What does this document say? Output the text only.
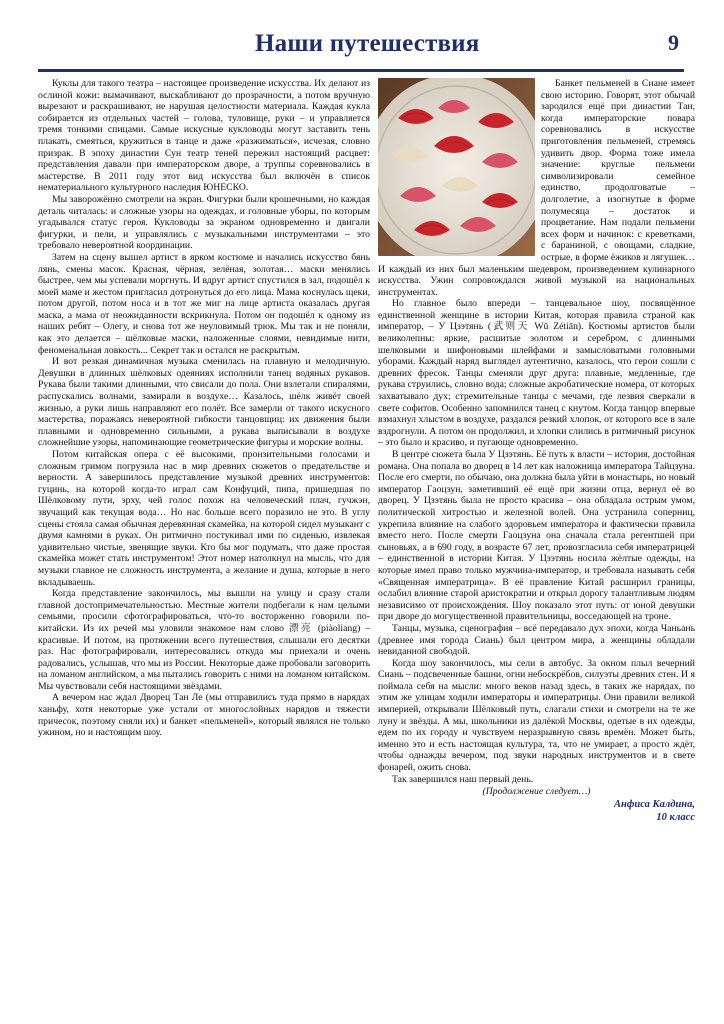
Наши путешествия	9

Куклы для такого театра – настоящее произведение искусства. Их делают из ослиной кожи: вымачивают, выскабливают до прозрачности, а потом вручную вырезают и раскрашивают, не нарушая целостности материала. Каждая кукла собирается из отдельных частей – голова, туловище, руки – и управляется тремя тонкими спицами. Самые искусные кукловоды могут заставить тень плакать, смеяться, кружиться в танце и даже «разжиматься», исчезая, словно призрак. В эпоху династии Сун театр теней пережил настоящий расцвет: представления давали при императорском дворе, а труппы соревновались в мастерстве. В 2011 году этот вид искусства был включён в список нематериального культурного наследия ЮНЕСКО.

Мы заворожённо смотрели на экран. Фигурки были крошечными, но каждая деталь читалась: и сложные узоры на одеждах, и головные уборы, по которым угадывался статус героя. Кукловоды за экраном одновременно и двигали фигурки, и пели, и управлялись с музыкальными инструментами – это требовало невероятной координации.

Затем на сцену вышел артист в ярком костюме и начались искусство бянь лянь, смены масок. Красная, чёрная, зелёная, золотая… маски менялись быстрее, чем мы успевали моргнуть. И вдруг артист спустился в зал, подошёл к моей маме и жестом пригласил дотронуться до его лица. Мама коснулась щеки, потом другой, потом носа и в тот же миг на лице артиста оказалась другая маска, а мама от неожиданности вскрикнула. Потом он подошёл к одному из наших ребят – Олегу, и снова тот же неуловимый трюк. Мы так и не поняли, как это делается – шёлковые маски, наложенные слоями, невидимые нити, феноменальная ловкость... Секрет так и остался не раскрытым.

И вот резкая динамичная музыка сменилась на плавную и мелодичную. Девушки в длинных шёлковых одеяниях исполнили танец водяных рукавов. Рукава были такими длинными, что свисали до пола. Они взлетали спиралями, распускались волнами, замирали в воздухе… Казалось, шёлк живёт своей жизнью, а руки лишь направляют его полёт. Все замерли от такого искусного мастерства, поражаясь невероятной гибкости танцовщиц: их движения были плавными и одновременно сильными, а рукава выписывали в воздухе сложнейшие узоры, напоминающие геометрические фигуры и морские волны.

Потом китайская опера с её высокими, пронзительными голосами и сложным гримом погрузила нас в мир древних сюжетов о предательстве и верности. А завершилось представление музыкой древних инструментов: гуцинь, на которой когда-то играл сам Конфуций, пипа, пришедшая по Шёлковому пути, эрху, чей голос похож на человеческий плач, гучжэн, звучащий как текущая вода… Но нас больше всего поразило не это. В углу сцены стояла самая обычная деревянная скамейка, на которой сидел музыкант с двумя камнями в руках. Он ритмично постукивал ими по сиденью, извлекая удивительно чистые, звенящие звуки. Кто бы мог подумать, что даже простая скамейка может стать инструментом! Этот номер натолкнул на мысль, что для музыки главное не сложность инструмента, а желание и душа, которые в него вкладываешь.

Когда представление закончилось, мы вышли на улицу и сразу стали главной достопримечательностью. Местные жители подбегали к нам целыми семьями, просили сфотографироваться, что-то восторженно говорили по-китайски. Из их речей мы уловили знакомое нам слово 漂亮 (piàoliang) – красивые. И потом, на протяжении всего путешествия, слышали его десятки раз. Нас фотографировали, интересовались откуда мы приехали и очень радовались, услышав, что мы из России. Некоторые даже пробовали заговорить на ломаном английском, а мы пытались говорить с ними на ломаном китайском. Мы чувствовали себя настоящими звёздами.

А вечером нас ждал Дворец Тан Ле (мы отправились туда прямо в нарядах ханьфу, хотя некоторые уже устали от многослойных нарядов и тяжести причесок, поэтому сняли их) и банкет «пельменей», который являлся не только ужином, но и настоящим шоу.

Банкет пельменей в Сиане имеет свою историю. Говорят, этот обычай зародился ещё при династии Тан, когда императорские повара соревновались в искусстве приготовления пельменей, стремясь удивить двор. Форма тоже имела значение: круглые пельмени символизировали семейное единство, продолговатые – долголетие, а изогнутые в форме полумесяца – достаток и процветание. Нам подали пельмени всех форм и начинок: с креветками, с бараниной, с овощами, сладкие, острые, в форме ёжиков и лягушек… И каждый из них был маленьким шедевром, произведением кулинарного искусства. Ужин сопровождался живой музыкой на национальных инструментах.

Но главное было впереди – танцевальное шоу, посвящённое единственной женщине в истории Китая, которая правила страной как император, – У Цзэтянь (武则天 Wǔ Zétiān). Костюмы артистов были великолепны: яркие, расшитые золотом и серебром, с длинными шелковыми и шифоновыми шлейфами и замысловатыми головными уборами. Каждый наряд выглядел аутентично, казалось, что герои сошли с древних фресок. Танцы сменяли друг друга: плавные, медленные, где рукава струились, словно вода; сложные акробатические номера, от которых захватывало дух; стремительные танцы с мечами, где лезвия сверкали в свете софитов. Особенно запомнился танец с кнутом. Когда танцор впервые взмахнул хлыстом в воздухе, раздался резкий хлопок, от которого все в зале вздрогнули. А потом он продолжил, и хлопки слились в ритмичный рисунок – это было и красиво, и пугающе одновременно.

В центре сюжета была У Цзэтянь. Её путь к власти – история, достойная романа. Она попала во дворец в 14 лет как наложница императора Тайцзуна. После его смерти, по обычаю, она должна была уйти в монастырь, но новый император Гаоцзун, заметивший её ещё при жизни отца, вернул её во дворец. У Цзэтянь была не просто красива – она обладала острым умом, политической хитростью и железной волей. Она устранила соперниц, укрепила влияние на слабого здоровьем императора и фактически правила вместо него. После смерти Гаоцзуна она сначала стала регентшей при сыновьях, а в 690 году, в возрасте 67 лет, провозгласила себя императрицей – единственной в истории Китая. У Цзэтянь носила жёлтые одежды, на которые имел право только мужчина-император, и требовала называть себя «Священная императрица». В её правление Китай расширил границы, ослабил влияние старой аристократии и открыл дорогу талантливым людям независимо от происхождения. Шоу показало этот путь: от юной девушки при дворе до могущественной правительницы, восседающей на троне.

Танцы, музыка, сценография – всё передавало дух эпохи, когда Чаньань (древнее имя города Сиань) был центром мира, а женщины обладали невиданной свободой.

Когда шоу закончилось, мы сели в автобус. За окном плыл вечерний Сиань – подсвеченные башни, огни небоскрёбов, силуэты древних стен. И я поймала себя на мысли: много веков назад здесь, в таких же нарядах, по этим же улицам ходили императоры и императрицы. Они правили великой империей, открывали Шёлковый путь, слагали стихи и смотрели на те же луну и звёзды. А мы, школьники из далёкой Москвы, одетые в их одежды, едем по их городу и чувствуем неразрывную связь времён. Может быть, именно это и есть настоящая культура, та, что не умирает, а просто ждёт, чтобы однажды вечером, под звуки народных инструментов и в свете фонарей, ожить снова.

Так завершился наш первый день.

(Продолжение следует…)

Анфиса Калдина,

10 класс
